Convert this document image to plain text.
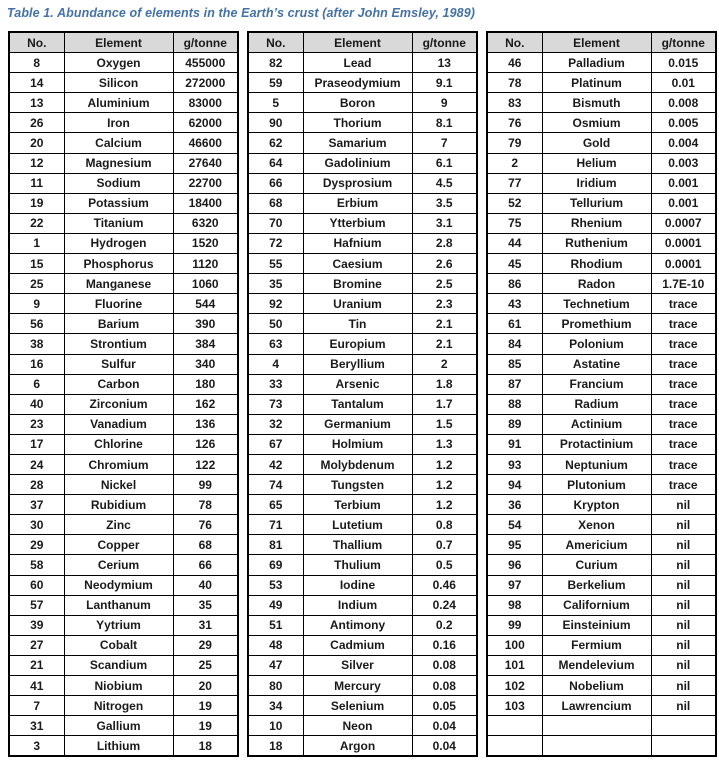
Table 1. Abundance of elements in the Earth’s crust (after John Emsley, 1989)
No.	Element	g/tonne
8	Oxygen	455000
14	Silicon	272000
13	Aluminium	83000
26	Iron	62000
20	Calcium	46600
12	Magnesium	27640
11	Sodium	22700
19	Potassium	18400
22	Titanium	6320
1	Hydrogen	1520
15	Phosphorus	1120
25	Manganese	1060
9	Fluorine	544
56	Barium	390
38	Strontium	384
16	Sulfur	340
6	Carbon	180
40	Zirconium	162
23	Vanadium	136
17	Chlorine	126
24	Chromium	122
28	Nickel	99
37	Rubidium	78
30	Zinc	76
29	Copper	68
58	Cerium	66
60	Neodymium	40
57	Lanthanum	35
39	Yytrium	31
27	Cobalt	29
21	Scandium	25
41	Niobium	20
7	Nitrogen	19
31	Gallium	19
3	Lithium	18
No.	Element	g/tonne
82	Lead	13
59	Praseodymium	9.1
5	Boron	9
90	Thorium	8.1
62	Samarium	7
64	Gadolinium	6.1
66	Dysprosium	4.5
68	Erbium	3.5
70	Ytterbium	3.1
72	Hafnium	2.8
55	Caesium	2.6
35	Bromine	2.5
92	Uranium	2.3
50	Tin	2.1
63	Europium	2.1
4	Beryllium	2
33	Arsenic	1.8
73	Tantalum	1.7
32	Germanium	1.5
67	Holmium	1.3
42	Molybdenum	1.2
74	Tungsten	1.2
65	Terbium	1.2
71	Lutetium	0.8
81	Thallium	0.7
69	Thulium	0.5
53	Iodine	0.46
49	Indium	0.24
51	Antimony	0.2
48	Cadmium	0.16
47	Silver	0.08
80	Mercury	0.08
34	Selenium	0.05
10	Neon	0.04
18	Argon	0.04
No.	Element	g/tonne
46	Palladium	0.015
78	Platinum	0.01
83	Bismuth	0.008
76	Osmium	0.005
79	Gold	0.004
2	Helium	0.003
77	Iridium	0.001
52	Tellurium	0.001
75	Rhenium	0.0007
44	Ruthenium	0.0001
45	Rhodium	0.0001
86	Radon	1.7E-10
43	Technetium	trace
61	Promethium	trace
84	Polonium	trace
85	Astatine	trace
87	Francium	trace
88	Radium	trace
89	Actinium	trace
91	Protactinium	trace
93	Neptunium	trace
94	Plutonium	trace
36	Krypton	nil
54	Xenon	nil
95	Americium	nil
96	Curium	nil
97	Berkelium	nil
98	Californium	nil
99	Einsteinium	nil
100	Fermium	nil
101	Mendelevium	nil
102	Nobelium	nil
103	Lawrencium	nil
